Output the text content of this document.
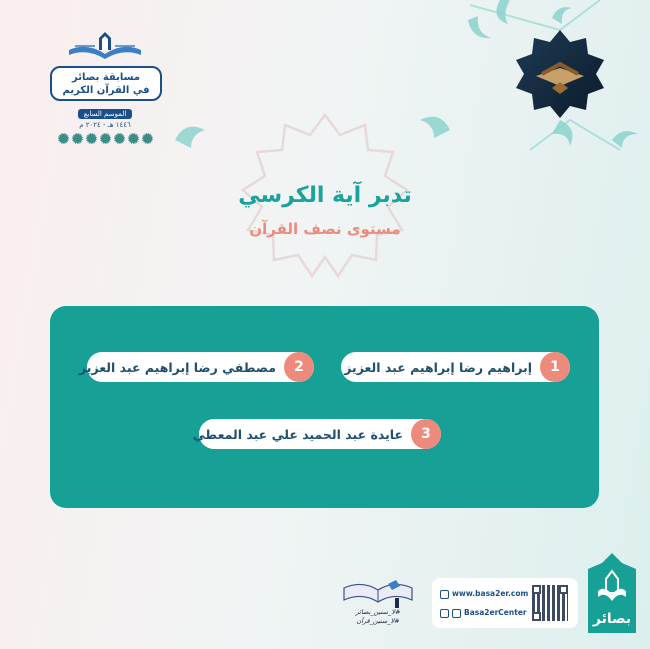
مسابقة بصائر
في القرآن الكريم
الموسم السابع
١٤٤٦ هـ - ٢٠٢٤ م
تدبر آية الكرسي
مستوى نصف القرآن
1
إبراهيم رضا إبراهيم عبد العزيز
2
مصطفي رضا إبراهيم عبد العزيز
3
عايدة عبد الحميد علي عبد المعطي
#لا_ستين_بصائر
#لا_ستين_قرآن
www.basa2er.com
Basa2erCenter	بصائر
